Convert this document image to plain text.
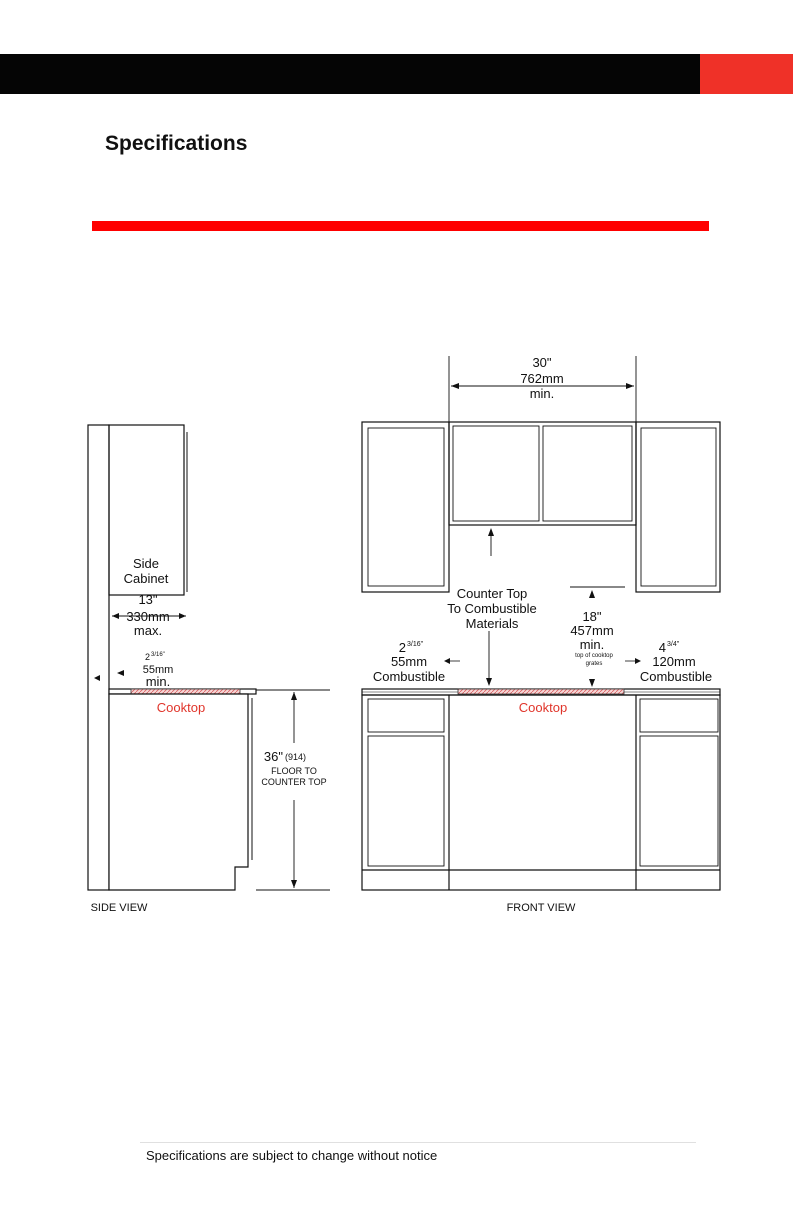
Specifications
Side
Cabinet
13"
330mm
max.
2 3/16"
55mm
min.
Cooktop
36" (914)
FLOOR TO
COUNTER TOP
SIDE VIEW
30"
762mm
min.
Counter Top
To Combustible
Materials	18"
457mm
min.
top of cooktop
grates
2 3/16"
55mm
Combustible
4 3/4"
120mm
Combustible
Cooktop
FRONT VIEW
Specifications are subject to change without notice
